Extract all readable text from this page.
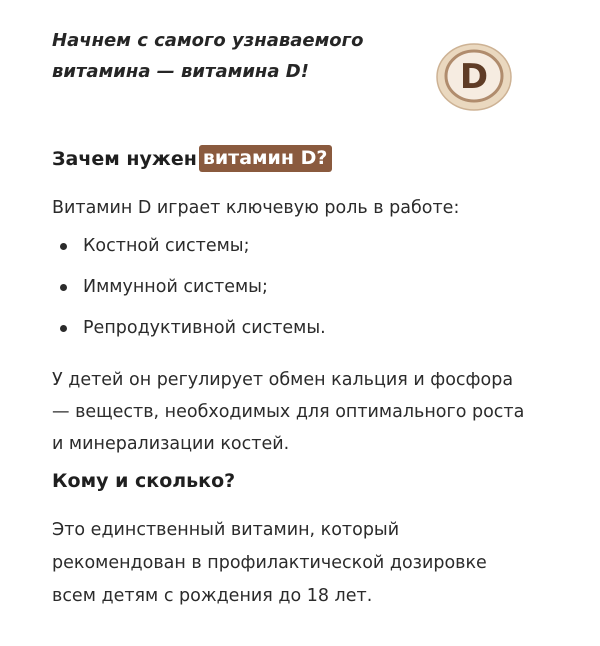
Начнем с самого узнаваемого
витамина — витамина D!	D
Зачем нужен витамин D?
Витамин D играет ключевую роль в работе:
Костной системы;
Иммунной системы;
Репродуктивной системы.
У детей он регулирует обмен кальция и фосфора
— веществ, необходимых для оптимального роста
и минерализации костей.
Кому и сколько?
Это единственный витамин, который
рекомендован в профилактической дозировке
всем детям с рождения до 18 лет.
